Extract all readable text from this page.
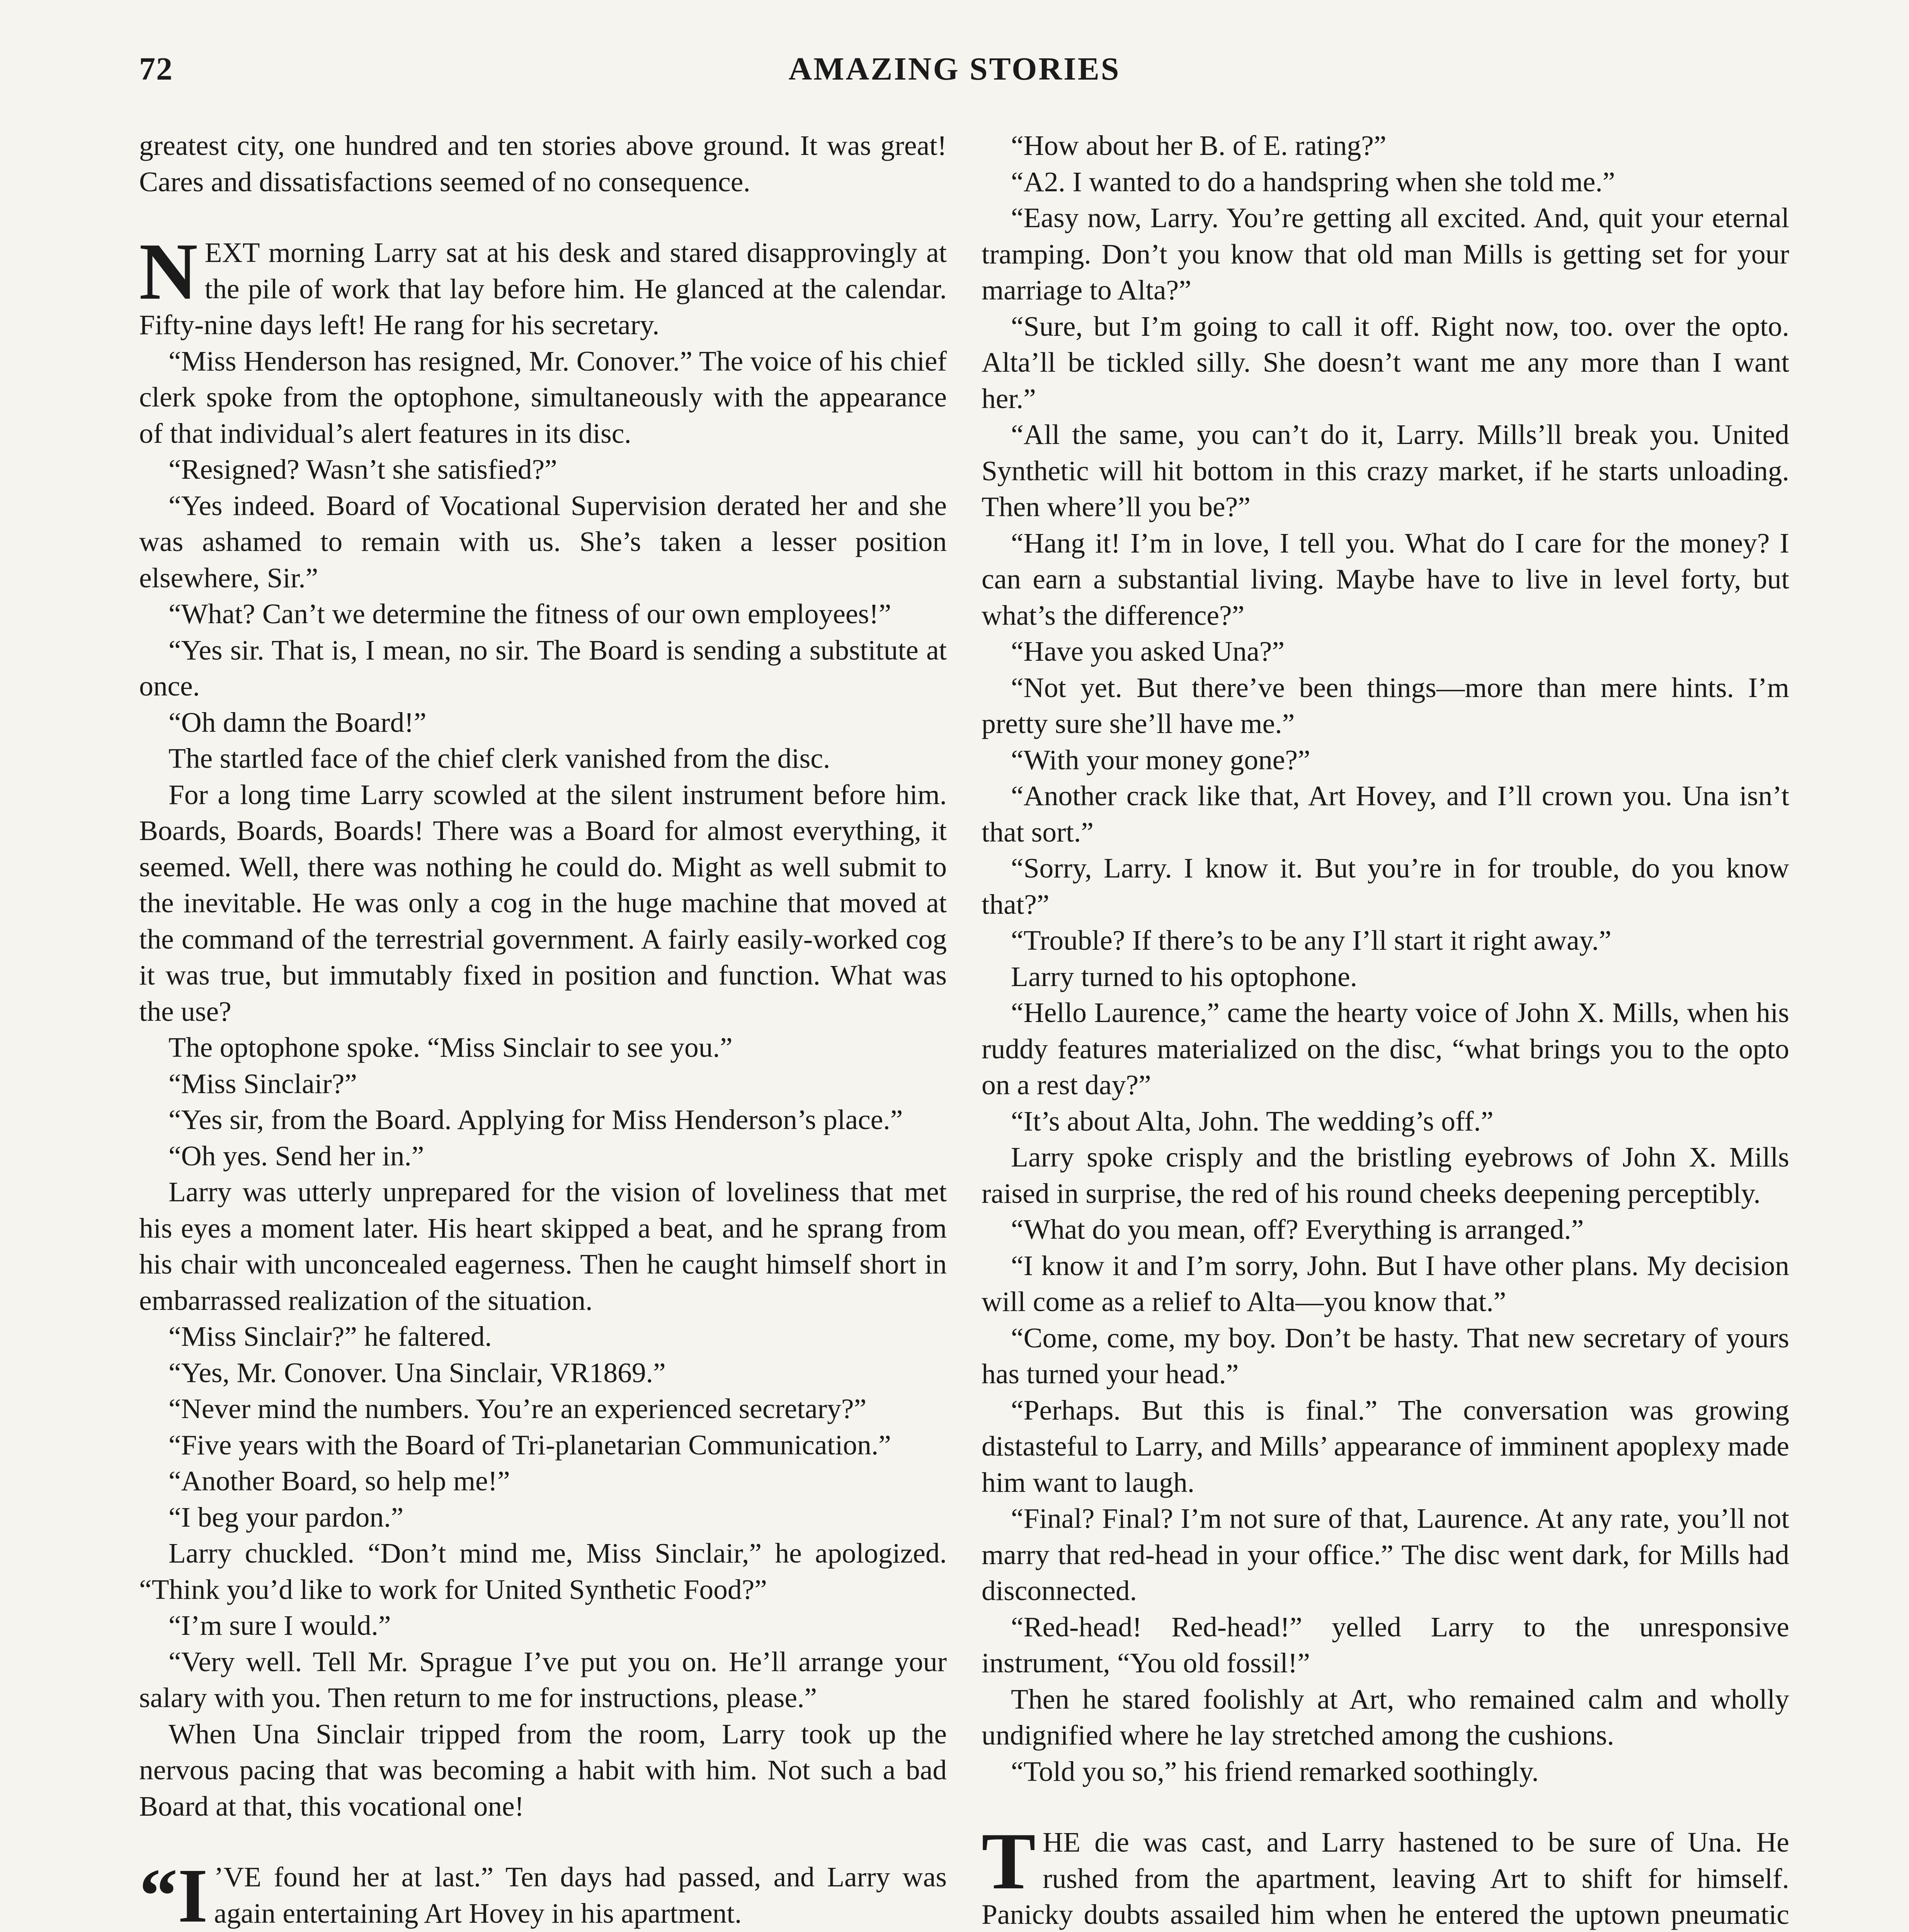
72	AMAZING STORIES

greatest city, one hundred and ten stories above ground. It was great! Cares and dissatisfactions seemed of no consequence.

NEXT morning Larry sat at his desk and stared disapprovingly at the pile of work that lay before him. He glanced at the calendar. Fifty-nine days left! He rang for his secretary.

“Miss Henderson has resigned, Mr. Conover.” The voice of his chief clerk spoke from the optophone, simultaneously with the appearance of that individual’s alert features in its disc.

“Resigned? Wasn’t she satisfied?”

“Yes indeed. Board of Vocational Supervision derated her and she was ashamed to remain with us. She’s taken a lesser position elsewhere, Sir.”

“What? Can’t we determine the fitness of our own employees!”

“Yes sir. That is, I mean, no sir. The Board is sending a substitute at once.

“Oh damn the Board!”

The startled face of the chief clerk vanished from the disc.

For a long time Larry scowled at the silent instrument before him. Boards, Boards, Boards! There was a Board for almost everything, it seemed. Well, there was nothing he could do. Might as well submit to the inevitable. He was only a cog in the huge machine that moved at the command of the terrestrial government. A fairly easily-worked cog it was true, but immutably fixed in position and function. What was the use?

The optophone spoke. “Miss Sinclair to see you.”

“Miss Sinclair?”

“Yes sir, from the Board. Applying for Miss Henderson’s place.”

“Oh yes. Send her in.”

Larry was utterly unprepared for the vision of loveliness that met his eyes a moment later. His heart skipped a beat, and he sprang from his chair with unconcealed eagerness. Then he caught himself short in embarrassed realization of the situation.

“Miss Sinclair?” he faltered.

“Yes, Mr. Conover. Una Sinclair, VR1869.”

“Never mind the numbers. You’re an experienced secretary?”

“Five years with the Board of Tri-planetarian Communication.”

“Another Board, so help me!”

“I beg your pardon.”

Larry chuckled. “Don’t mind me, Miss Sinclair,” he apologized. “Think you’d like to work for United Synthetic Food?”

“I’m sure I would.”

“Very well. Tell Mr. Sprague I’ve put you on. He’ll arrange your salary with you. Then return to me for instructions, please.”

When Una Sinclair tripped from the room, Larry took up the nervous pacing that was becoming a habit with him. Not such a bad Board at that, this vocational one!

“I ’VE found her at last.” Ten days had passed, and Larry was again entertaining Art Hovey in his apartment.

“How about her B. of E. rating?”

“A2. I wanted to do a handspring when she told me.”

“Easy now, Larry. You’re getting all excited. And, quit your eternal tramping. Don’t you know that old man Mills is getting set for your marriage to Alta?”

“Sure, but I’m going to call it off. Right now, too. over the opto. Alta’ll be tickled silly. She doesn’t want me any more than I want her.”

“All the same, you can’t do it, Larry. Mills’ll break you. United Synthetic will hit bottom in this crazy market, if he starts unloading. Then where’ll you be?”

“Hang it! I’m in love, I tell you. What do I care for the money? I can earn a substantial living. Maybe have to live in level forty, but what’s the difference?”

“Have you asked Una?”

“Not yet. But there’ve been things—more than mere hints. I’m pretty sure she’ll have me.”

“With your money gone?”

“Another crack like that, Art Hovey, and I’ll crown you. Una isn’t that sort.”

“Sorry, Larry. I know it. But you’re in for trouble, do you know that?”

“Trouble? If there’s to be any I’ll start it right away.”

Larry turned to his optophone.

“Hello Laurence,” came the hearty voice of John X. Mills, when his ruddy features materialized on the disc, “what brings you to the opto on a rest day?”

“It’s about Alta, John. The wedding’s off.”

Larry spoke crisply and the bristling eyebrows of John X. Mills raised in surprise, the red of his round cheeks deepening perceptibly.

“What do you mean, off? Everything is arranged.”

“I know it and I’m sorry, John. But I have other plans. My decision will come as a relief to Alta—you know that.”

“Come, come, my boy. Don’t be hasty. That new secretary of yours has turned your head.”

“Perhaps. But this is final.” The conversation was growing distasteful to Larry, and Mills’ appearance of imminent apoplexy made him want to laugh.

“Final? Final? I’m not sure of that, Laurence. At any rate, you’ll not marry that red-head in your office.” The disc went dark, for Mills had disconnected.

“Red-head! Red-head!” yelled Larry to the unresponsive instrument, “You old fossil!”

Then he stared foolishly at Art, who remained calm and wholly undignified where he lay stretched among the cushions.

“Told you so,” his friend remarked soothingly.

THE die was cast, and Larry hastened to be sure of Una. He rushed from the apartment, leaving Art to shift for himself. Panicky doubts assailed him when he entered the uptown pneumatic
